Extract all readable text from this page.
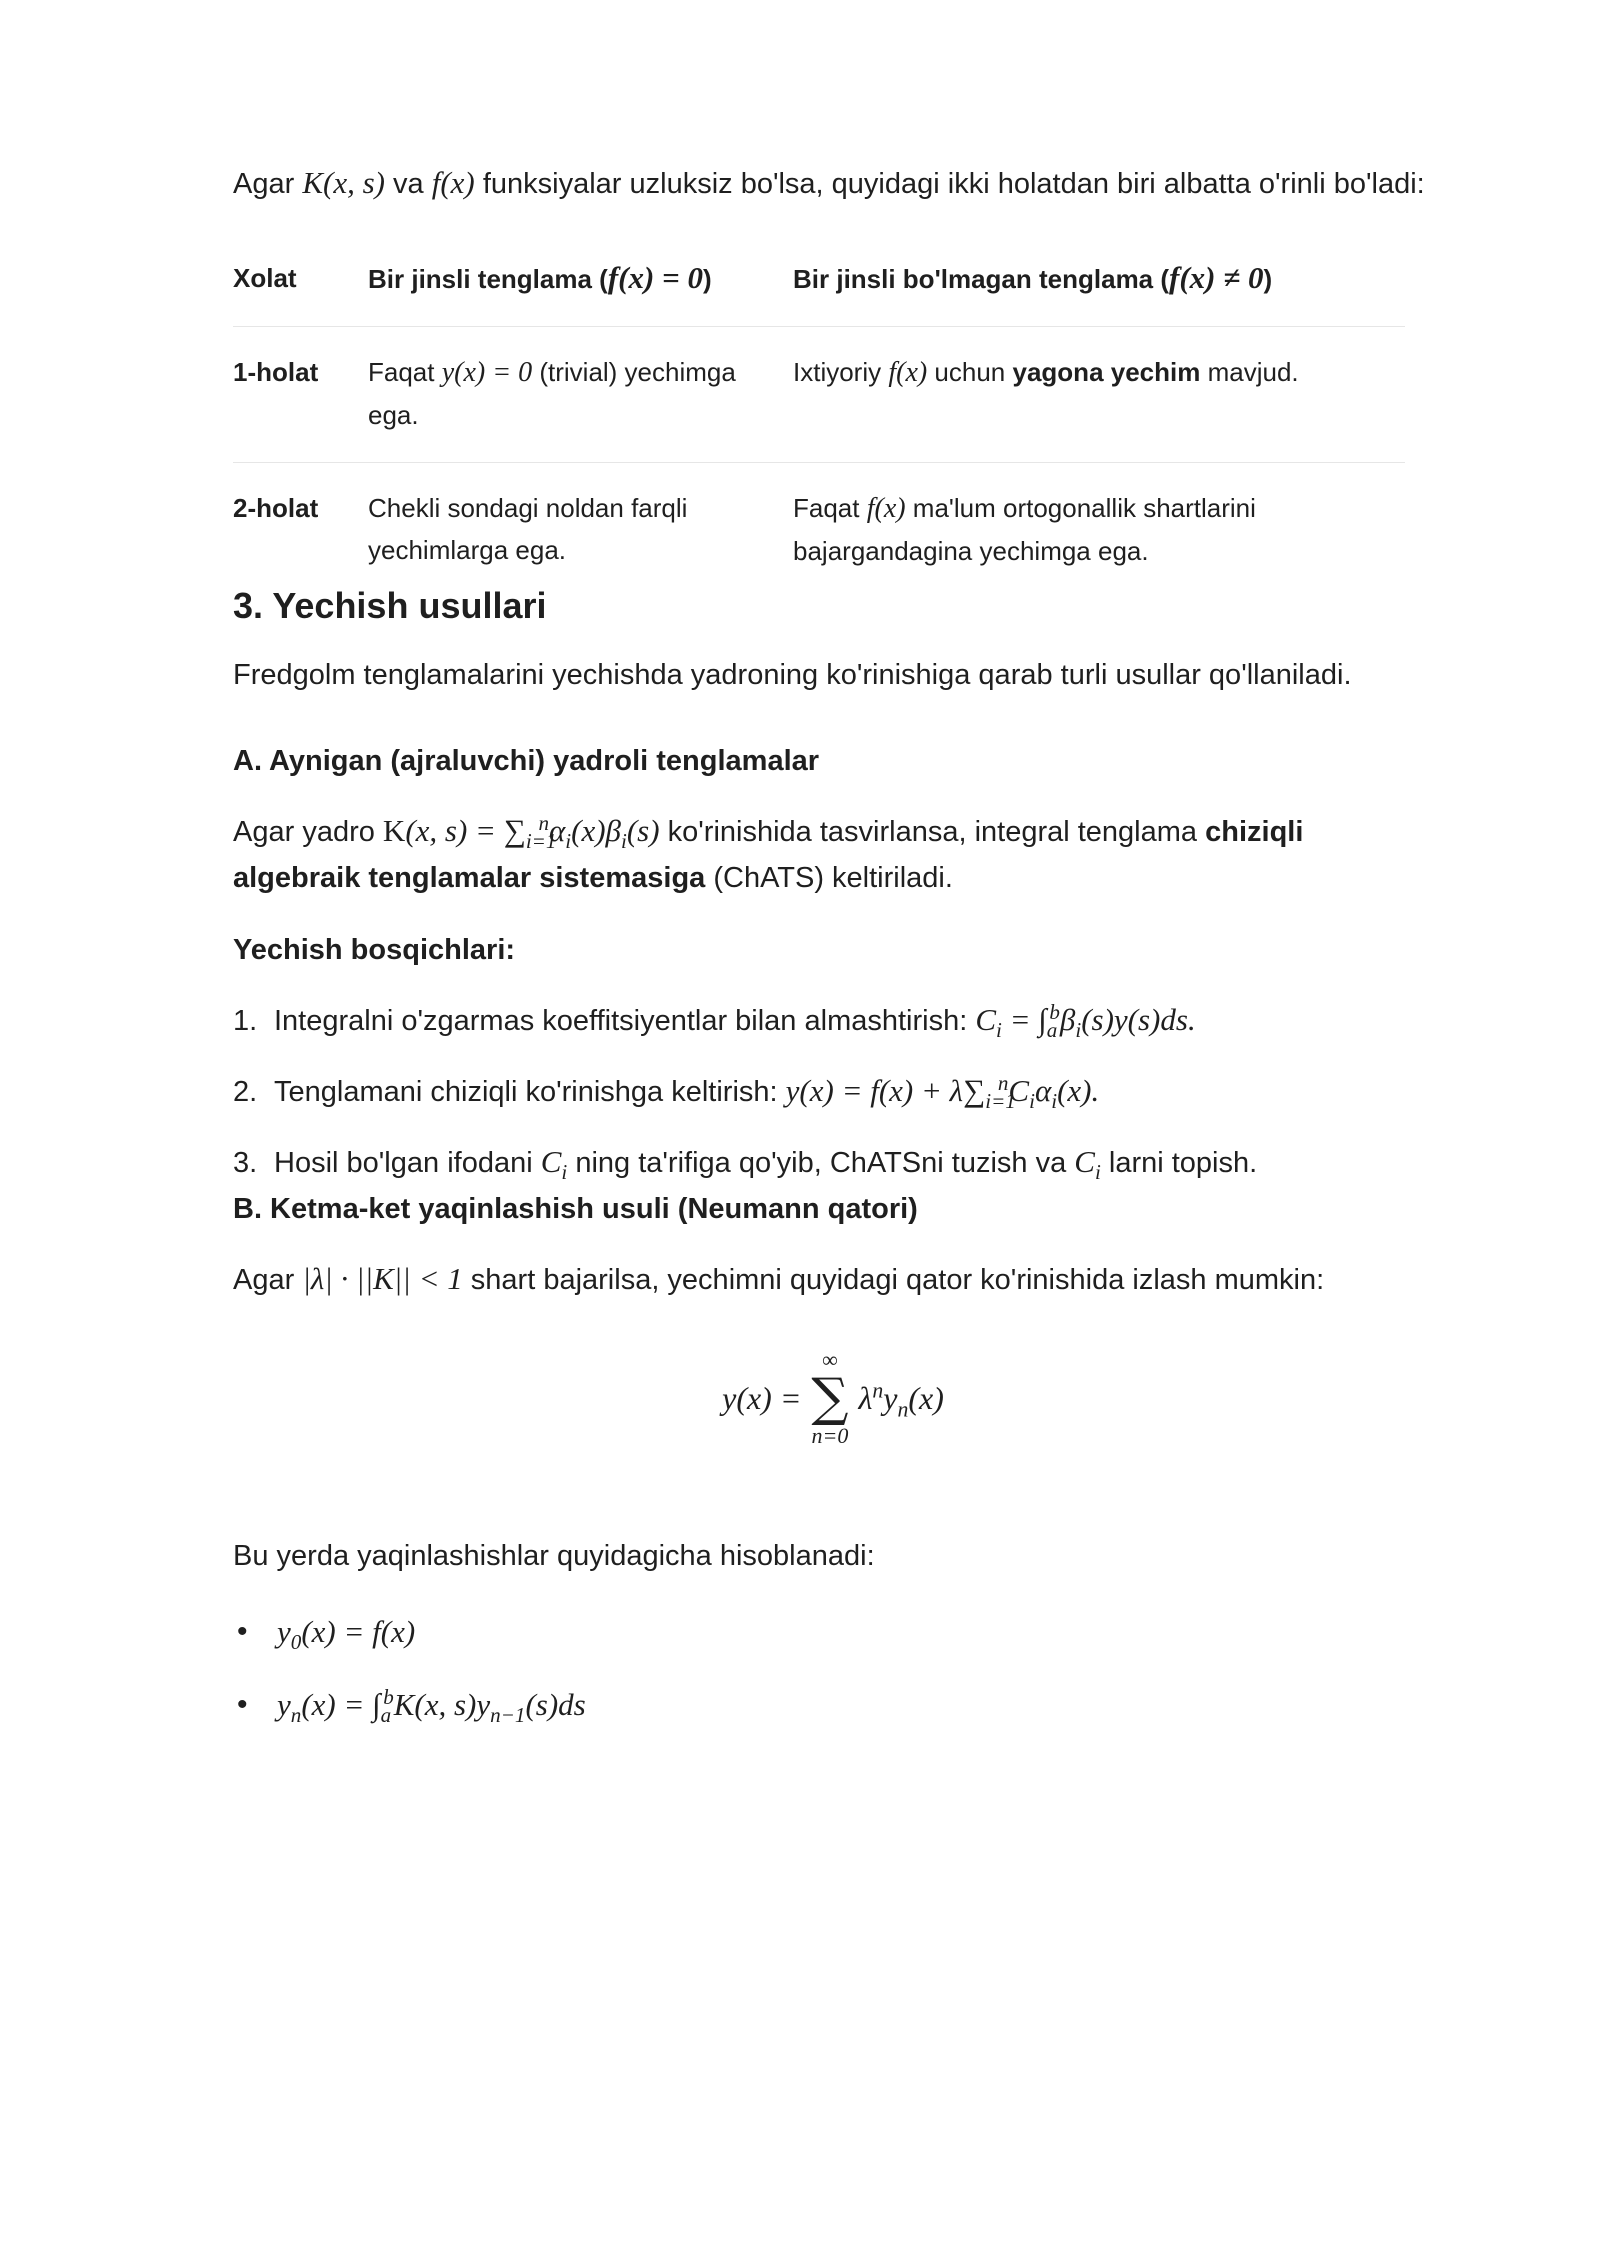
Agar K(x, s) va f(x) funksiyalar uzluksiz bo'lsa, quyidagi ikki holatdan biri albatta o'rinli bo'ladi:

Xolat	Bir jinsli tenglama (f(x) = 0)	Bir jinsli bo'lmagan tenglama (f(x) ≠ 0)
1-holat	Faqat y(x) = 0 (trivial) yechimga ega.	Ixtiyoriy f(x) uchun yagona yechim mavjud.
2-holat	Chekli sondagi noldan farqli yechimlarga ega.	Faqat f(x) ma'lum ortogonallik shartlarini bajargandagina yechimga ega.
3. Yechish usullari

Fredgolm tenglamalarini yechishda yadroning ko'rinishiga qarab turli usullar qo'llaniladi.

A. Aynigan (ajraluvchi) yadroli tenglamalar

Agar yadro K(x, $s) = \sum_{i=1}^n\alpha_i(x)\beta_i(s)$ ko'rinishida tasvirlansa, integral tenglama chiziqli algebraik tenglamalar sistemasiga (ChATS) keltiriladi.

Yechish bosqichlari:
1. Integralni o'zgarmas koeffitsiyentlar bilan almashtirish: $C_i = \int_a^b\beta_i(s)y(s)ds$.
2. Tenglamani chiziqli ko'rinishga keltirish: $y(x) = f(x) + \lambda\sum_{i=1}^nC_i\alpha_i(x)$.
3. Hosil bo'lgan ifodani $C_i$ ning ta'rifiga qo'yib, ChATSni tuzish va $C_i$ larni topish.
B. Ketma-ket yaqinlashish usuli (Neumann qatori)

Agar |λ| · ||K|| < 1 shart bajarilsa, yechimni quyidagi qator ko'rinishida izlash mumkin:

y(x) =
∞
∑
n=0
$\lambda^ny_n(x)$

Bu yerda yaqinlashishlar quyidagicha hisoblanadi:

• $y_0(x) = f(x)$
• $y_n(x) = \int_a^bK(x$, $s)y_{n-1}(s)ds$
